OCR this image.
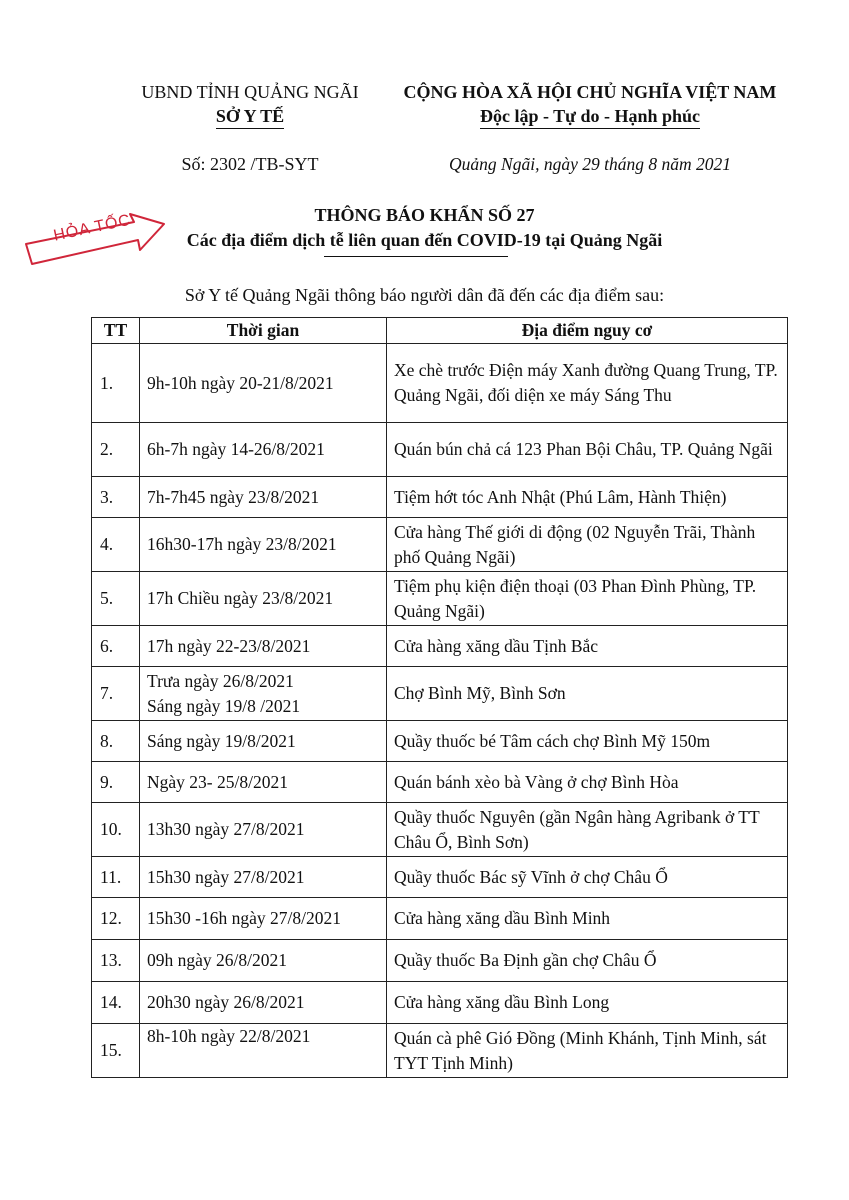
UBND TỈNH QUẢNG NGÃI
SỞ Y TẾ
Số: 2302 /TB-SYT
CỘNG HÒA XÃ HỘI CHỦ NGHĨA VIỆT NAM
Độc lập - Tự do - Hạnh phúc
Quảng Ngãi, ngày 29 tháng 8 năm 2021
HỎA TỐC	THÔNG BÁO KHẨN SỐ 27
Các địa điểm dịch tễ liên quan đến COVID-19 tại Quảng Ngãi
Sở Y tế Quảng Ngãi thông báo người dân đã đến các địa điểm sau:
TT	Thời gian	Địa điểm nguy cơ
1.	9h-10h ngày 20-21/8/2021	Xe chè trước Điện máy Xanh đường Quang Trung, TP. Quảng Ngãi, đối diện xe máy Sáng Thu
2.	6h-7h ngày 14-26/8/2021	Quán bún chả cá 123 Phan Bội Châu, TP. Quảng Ngãi
3.	7h-7h45 ngày 23/8/2021	Tiệm hớt tóc Anh Nhật (Phú Lâm, Hành Thiện)
4.	16h30-17h ngày 23/8/2021	Cửa hàng Thế giới di động (02 Nguyễn Trãi, Thành phố Quảng Ngãi)
5.	17h Chiều ngày 23/8/2021	Tiệm phụ kiện điện thoại (03 Phan Đình Phùng, TP. Quảng Ngãi)
6.	17h ngày 22-23/8/2021	Cửa hàng xăng dầu Tịnh Bắc
7.	Trưa ngày 26/8/2021
Sáng ngày 19/8 /2021	Chợ Bình Mỹ, Bình Sơn
8.	Sáng ngày 19/8/2021	Quầy thuốc bé Tâm cách chợ Bình Mỹ 150m
9.	Ngày 23- 25/8/2021	Quán bánh xèo bà Vàng ở chợ Bình Hòa
10.	13h30 ngày 27/8/2021	Quầy thuốc Nguyên (gần Ngân hàng Agribank ở TT Châu Ổ, Bình Sơn)
11.	15h30 ngày 27/8/2021	Quầy thuốc Bác sỹ Vĩnh ở chợ Châu Ổ
12.	15h30 -16h ngày 27/8/2021	Cửa hàng xăng dầu Bình Minh
13.	09h ngày 26/8/2021	Quầy thuốc Ba Định gần chợ Châu Ổ
14.	20h30 ngày 26/8/2021	Cửa hàng xăng dầu Bình Long
15.	8h-10h ngày 22/8/2021	Quán cà phê Gió Đồng (Minh Khánh, Tịnh Minh, sát TYT Tịnh Minh)
